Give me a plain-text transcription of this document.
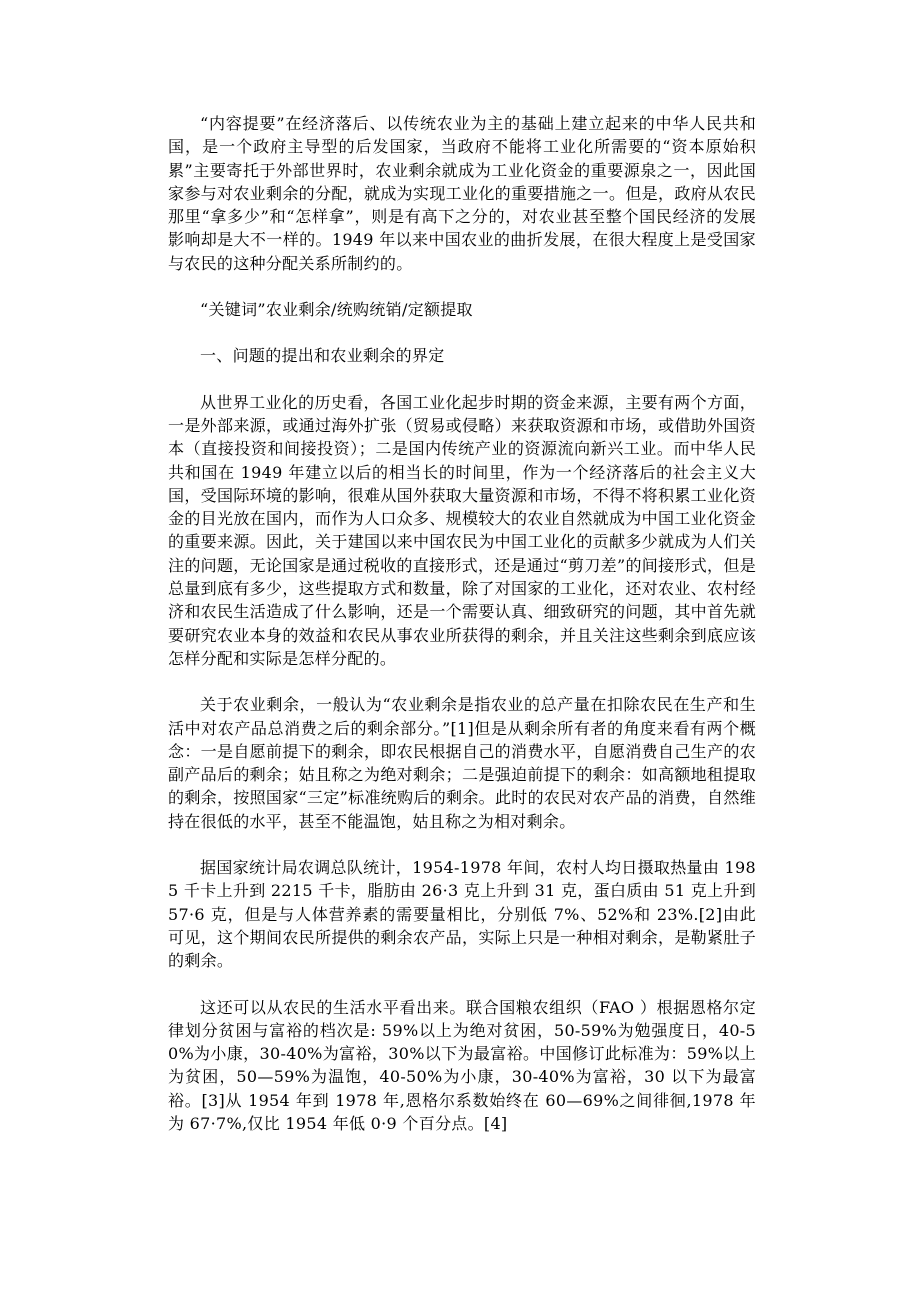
“内容提要”在经济落后、以传统农业为主的基础上建立起来的中华人民共和国，是一个政府主导型的后发国家，当政府不能将工业化所需要的“资本原始积累”主要寄托于外部世界时，农业剩余就成为工业化资金的重要源泉之一，因此国家参与对农业剩余的分配，就成为实现工业化的重要措施之一。但是，政府从农民那里“拿多少”和“怎样拿”，则是有高下之分的，对农业甚至整个国民经济的发展影响却是大不一样的。1949 年以来中国农业的曲折发展，在很大程度上是受国家与农民的这种分配关系所制约的。

“关键词”农业剩余/统购统销/定额提取

一、问题的提出和农业剩余的界定

从世界工业化的历史看，各国工业化起步时期的资金来源，主要有两个方面，一是外部来源，或通过海外扩张（贸易或侵略）来获取资源和市场，或借助外国资本（直接投资和间接投资）；二是国内传统产业的资源流向新兴工业。而中华人民共和国在 1949 年建立以后的相当长的时间里，作为一个经济落后的社会主义大国，受国际环境的影响，很难从国外获取大量资源和市场，不得不将积累工业化资金的目光放在国内，而作为人口众多、规模较大的农业自然就成为中国工业化资金的重要来源。因此，关于建国以来中国农民为中国工业化的贡献多少就成为人们关注的问题，无论国家是通过税收的直接形式，还是通过“剪刀差”的间接形式，但是总量到底有多少，这些提取方式和数量，除了对国家的工业化，还对农业、农村经济和农民生活造成了什么影响，还是一个需要认真、细致研究的问题，其中首先就要研究农业本身的效益和农民从事农业所获得的剩余，并且关注这些剩余到底应该怎样分配和实际是怎样分配的。

关于农业剩余，一般认为“农业剩余是指农业的总产量在扣除农民在生产和生活中对农产品总消费之后的剩余部分。”[1]但是从剩余所有者的角度来看有两个概念：一是自愿前提下的剩余，即农民根据自己的消费水平，自愿消费自己生产的农副产品后的剩余；姑且称之为绝对剩余；二是强迫前提下的剩余：如高额地租提取的剩余，按照国家“三定”标准统购后的剩余。此时的农民对农产品的消费，自然维持在很低的水平，甚至不能温饱，姑且称之为相对剩余。

据国家统计局农调总队统计，1954-1978 年间，农村人均日摄取热量由 1985 千卡上升到 2215 千卡，脂肪由 26·3 克上升到 31 克，蛋白质由 51 克上升到 57·6 克，但是与人体营养素的需要量相比，分别低 7%、52%和 23%.[2]由此可见，这个期间农民所提供的剩余农产品，实际上只是一种相对剩余，是勒紧肚子的剩余。

这还可以从农民的生活水平看出来。联合国粮农组织（FAO ）根据恩格尔定律划分贫困与富裕的档次是: 59%以上为绝对贫困，50-59%为勉强度日，40-50%为小康，30-40%为富裕，30%以下为最富裕。中国修订此标准为：59%以上为贫困，50—59%为温饱，40-50%为小康，30-40%为富裕，30 以下为最富裕。[3]从 1954 年到 1978 年,恩格尔系数始终在 60—69%之间徘徊,1978 年为 67·7%,仅比 1954 年低 0·9 个百分点。[4]
